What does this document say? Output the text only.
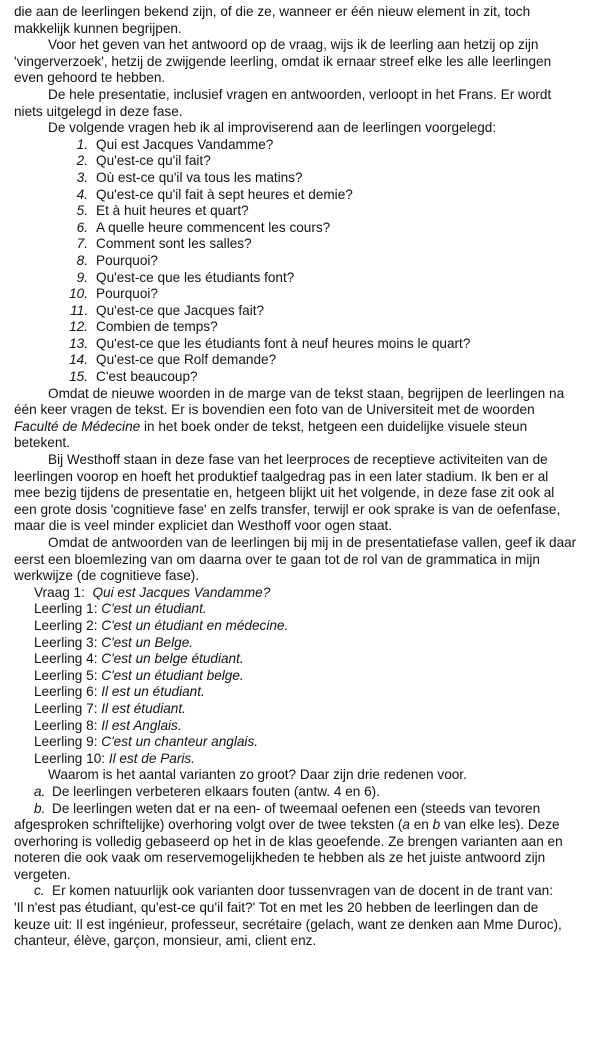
die aan de leerlingen bekend zijn, of die ze, wanneer er één nieuw element in zit, toch
makkelijk kunnen begrijpen.
Voor het geven van het antwoord op de vraag, wijs ik de leerling aan hetzij op zijn
'vingerverzoek', hetzij de zwijgende leerling, omdat ik ernaar streef elke les alle leerlingen
even gehoord te hebben.
De hele presentatie, inclusief vragen en antwoorden, verloopt in het Frans. Er wordt
niets uitgelegd in deze fase.
De volgende vragen heb ik al improviserend aan de leerlingen voorgelegd:
1. Qui est Jacques Vandamme?
2. Qu'est-ce qu'il fait?
3. Où est-ce qu'il va tous les matins?
4. Qu'est-ce qu'il fait à sept heures et demie?
5. Et à huit heures et quart?
6. A quelle heure commencent les cours?
7. Comment sont les salles?
8. Pourquoi?
9. Qu'est-ce que les étudiants font?
10. Pourquoi?
11. Qu'est-ce que Jacques fait?
12. Combien de temps?
13. Qu'est-ce que les étudiants font à neuf heures moins le quart?
14. Qu'est-ce que Rolf demande?
15. C'est beaucoup?
Omdat de nieuwe woorden in de marge van de tekst staan, begrijpen de leerlingen na
één keer vragen de tekst. Er is bovendien een foto van de Universiteit met de woorden
Faculté de Médecine in het boek onder de tekst, hetgeen een duidelijke visuele steun
betekent.
Bij Westhoff staan in deze fase van het leerproces de receptieve activiteiten van de
leerlingen voorop en hoeft het produktief taalgedrag pas in een later stadium. Ik ben er al
mee bezig tijdens de presentatie en, hetgeen blijkt uit het volgende, in deze fase zit ook al
een grote dosis 'cognitieve fase' en zelfs transfer, terwijl er ook sprake is van de oefenfase,
maar die is veel minder expliciet dan Westhoff voor ogen staat.
Omdat de antwoorden van de leerlingen bij mij in de presentatiefase vallen, geef ik daar
eerst een bloemlezing van om daarna over te gaan tot de rol van de grammatica in mijn
werkwijze (de cognitieve fase).
Vraag 1: Qui est Jacques Vandamme?
Leerling 1: C'est un étudiant.
Leerling 2: C'est un étudiant en médecine.
Leerling 3: C'est un Belge.
Leerling 4: C'est un belge étudiant.
Leerling 5: C'est un étudiant belge.
Leerling 6: Il est un étudiant.
Leerling 7: Il est étudiant.
Leerling 8: Il est Anglais.
Leerling 9: C'est un chanteur anglais.
Leerling 10: Il est de Paris.
Waarom is het aantal varianten zo groot? Daar zijn drie redenen voor.
a. De leerlingen verbeteren elkaars fouten (antw. 4 en 6).
b. De leerlingen weten dat er na een- of tweemaal oefenen een (steeds van tevoren
afgesproken schriftelijke) overhoring volgt over de twee teksten (a en b van elke les). Deze
overhoring is volledig gebaseerd op het in de klas geoefende. Ze brengen varianten aan en
noteren die ook vaak om reservemogelijkheden te hebben als ze het juiste antwoord zijn
vergeten.
c. Er komen natuurlijk ook varianten door tussenvragen van de docent in de trant van:
'Il n'est pas étudiant, qu'est-ce qu'il fait?' Tot en met les 20 hebben de leerlingen dan de
keuze uit: Il est ingénieur, professeur, secrétaire (gelach, want ze denken aan Mme Duroc),
chanteur, élève, garçon, monsieur, ami, client enz.
